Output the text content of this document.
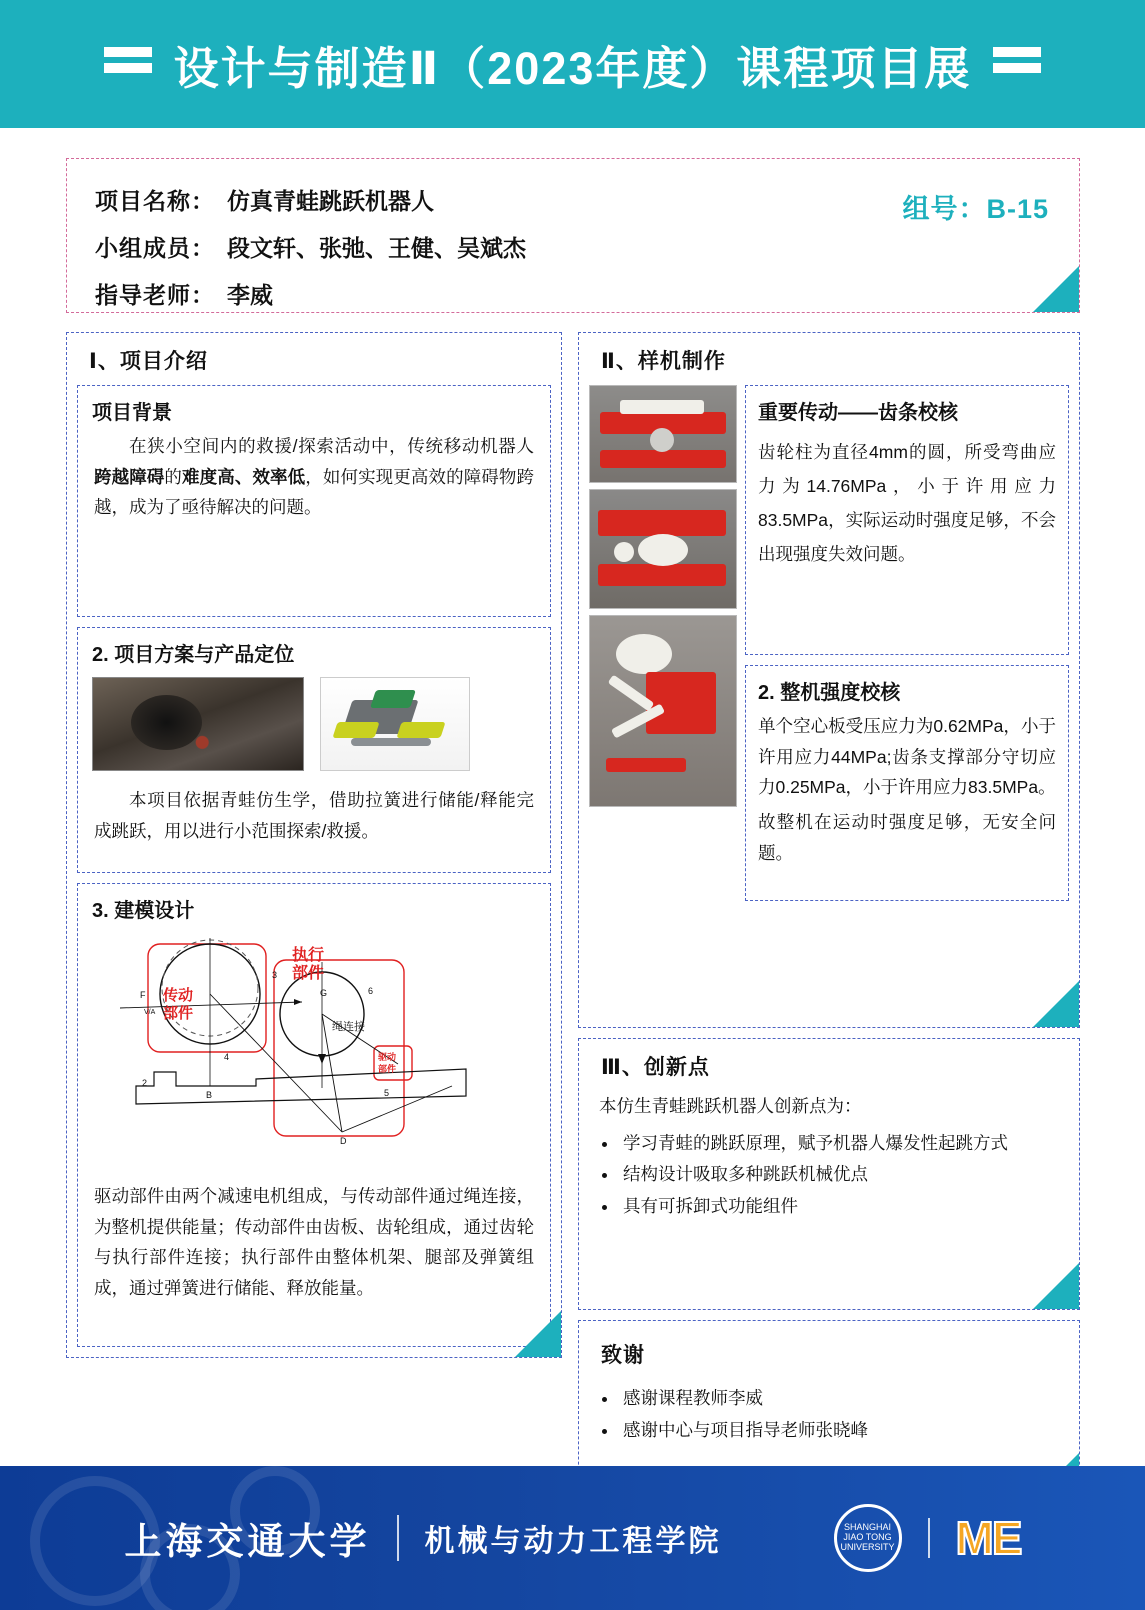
设计与制造Ⅱ（2023年度）课程项目展
项目名称： 仿真青蛙跳跃机器人
小组成员： 段文轩、张弛、王健、吴斌杰
指导老师： 李威
组号：B-15
Ⅰ、项目介绍
项目背景
在狭小空间内的救援/探索活动中，传统移动机器人跨越障碍的难度高、效率低，如何实现更高效的障碍物跨越，成为了亟待解决的问题。
2. 项目方案与产品定位
本项目依据青蛙仿生学，借助拉簧进行储能/释能完成跳跃，用以进行小范围探索/救援。
3. 建模设计
执行
部件
传动
部件
驱动
部件
绳连接
3
6
4
2
5
F	G
B
D
V/A
驱动部件由两个减速电机组成，与传动部件通过绳连接，为整机提供能量；传动部件由齿板、齿轮组成，通过齿轮与执行部件连接；执行部件由整体机架、腿部及弹簧组成，通过弹簧进行储能、释放能量。
Ⅱ、样机制作
重要传动——齿条校核
齿轮柱为直径4mm的圆，所受弯曲应力为14.76MPa，小于许用应力83.5MPa，实际运动时强度足够，不会出现强度失效问题。
2. 整机强度校核
单个空心板受压应力为0.62MPa，小于许用应力44MPa;齿条支撑部分守切应力0.25MPa，小于许用应力83.5MPa。
故整机在运动时强度足够，无安全问题。
Ⅲ、创新点
本仿生青蛙跳跃机器人创新点为：
• 学习青蛙的跳跃原理，赋予机器人爆发性起跳方式
• 结构设计吸取多种跳跃机械优点
• 具有可拆卸式功能组件
致谢
• 感谢课程教师李威
• 感谢中心与项目指导老师张晓峰
上海交通大学 机械与动力工程学院	SHANGHAI JIAO TONG UNIVERSITY ME
